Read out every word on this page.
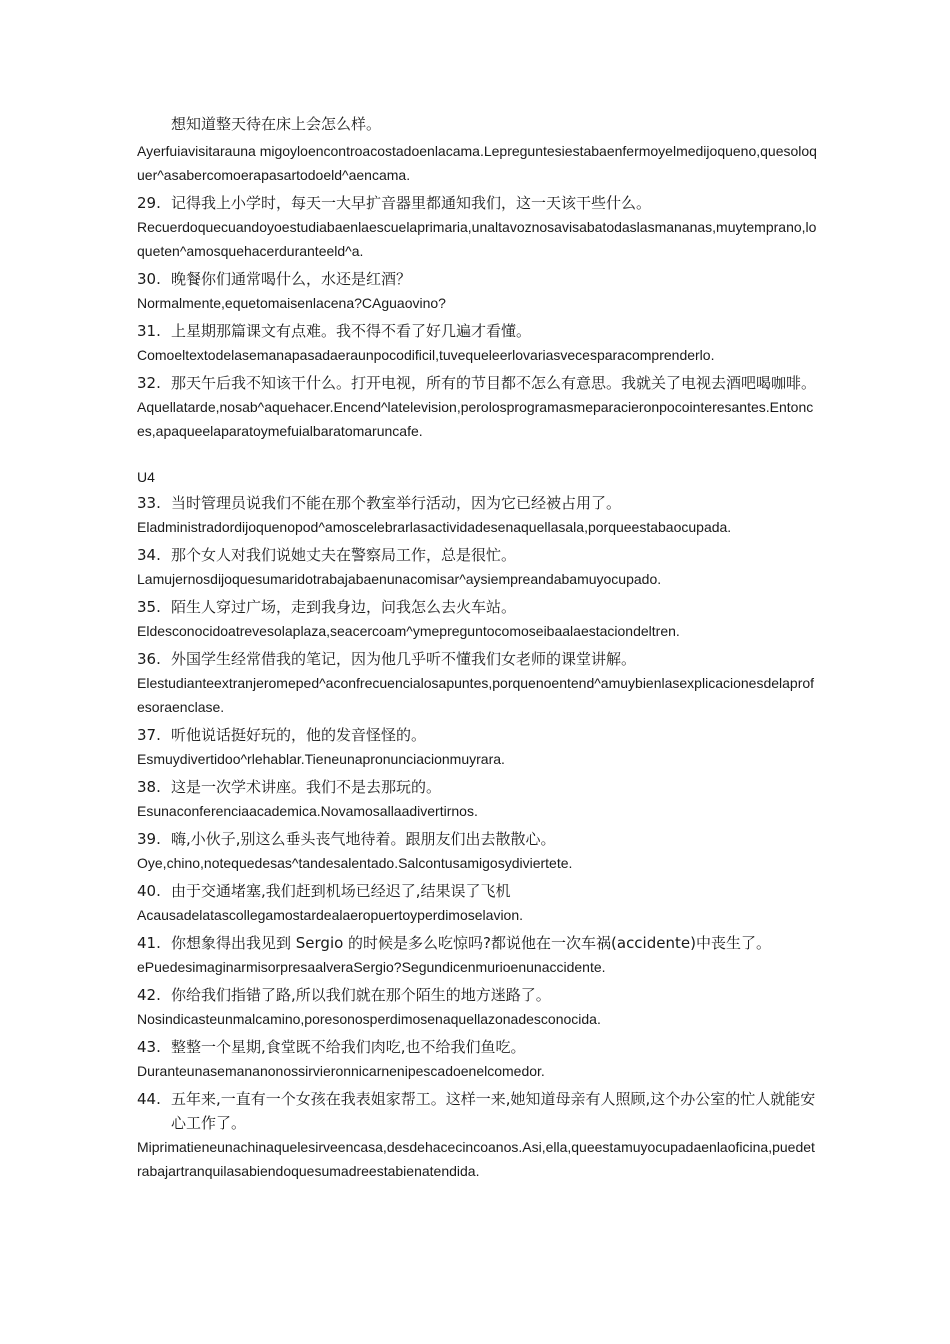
想知道整天待在床上会怎么样。

Ayerfuiavisitarauna migoyloencontroacostadoenlacama.Lepreguntesiestabaenfermoyelmedijoqueno,quesoloquer^asabercomoerapasartodoeld^aencama.

29. 记得我上小学时，每天一大早扩音器里都通知我们，这一天该干些什么。

Recuerdoquecuandoyoestudiabaenlaescuelaprimaria,unaltavoznosavisabatodaslasmananas,muytemprano,loqueten^amosquehacerduranteeld^a.

30. 晚餐你们通常喝什么，水还是红酒？

Normalmente,equetomaisenlacena?CAguaovino?

31. 上星期那篇课文有点难。我不得不看了好几遍才看懂。

Comoeltextodelasemanapasadaeraunpocodificil,tuvequeleerlovariasvecesparacomprenderlo.

32. 那天午后我不知该干什么。打开电视，所有的节目都不怎么有意思。我就关了电视去酒吧喝咖啡。

Aquellatarde,nosab^aquehacer.Encend^latelevision,perolosprogramasmeparacieronpocointeresantes.Entonces,apaqueelaparatoymefuialbaratomaruncafe.

U4

33. 当时管理员说我们不能在那个教室举行活动，因为它已经被占用了。

Eladministradordijoquenopod^amoscelebrarlasactividadesenaquellasala,porqueestabaocupada.

34. 那个女人对我们说她丈夫在警察局工作，总是很忙。

Lamujernosdijoquesumaridotrabajabaenunacomisar^aysiempreandabamuyocupado.

35. 陌生人穿过广场，走到我身边，问我怎么去火车站。

Eldesconocidoatrevesolaplaza,seacercoam^ymepreguntocomoseibaalaestaciondeltren.

36. 外国学生经常借我的笔记，因为他几乎听不懂我们女老师的课堂讲解。

Elestudianteextranjeromeped^aconfrecuencialosapuntes,porquenoentend^amuybienlasexplicacionesdelaprofesoraenclase.

37. 听他说话挺好玩的，他的发音怪怪的。

Esmuydivertidoo^rlehablar.Tieneunapronunciacionmuyrara.

38. 这是一次学术讲座。我们不是去那玩的。

Esunaconferenciaacademica.Novamosallaadivertirnos.

39. 嗨,小伙子,别这么垂头丧气地待着。跟朋友们出去散散心。

Oye,chino,notequedesas^tandesalentado.Salcontusamigosydiviertete.

40. 由于交通堵塞,我们赶到机场已经迟了,结果误了飞机

Acausadelatascollegamostardealaeropuertoyperdimoselavion.

41. 你想象得出我见到 Sergio 的时候是多么吃惊吗?都说他在一次车祸(accidente)中丧生了。

ePuedesimaginarmisorpresaalveraSergio?Segundicenmurioenunaccidente.

42. 你给我们指错了路,所以我们就在那个陌生的地方迷路了。

Nosindicasteunmalcamino,poresonosperdimosenaquellazonadesconocida.

43. 整整一个星期,食堂既不给我们肉吃,也不给我们鱼吃。

Duranteunasemananonossirvieronnicarnenipescadoenelcomedor.

44. 五年来,一直有一个女孩在我表姐家帮工。这样一来,她知道母亲有人照顾,这个办公室的忙人就能安心工作了。

Miprimatieneunachinaquelesirveencasa,desdehacecincoanos.Asi,ella,queestamuyocupadaenlaoficina,puedetrabajartranquilasabiendoquesumadreestabienatendida.
